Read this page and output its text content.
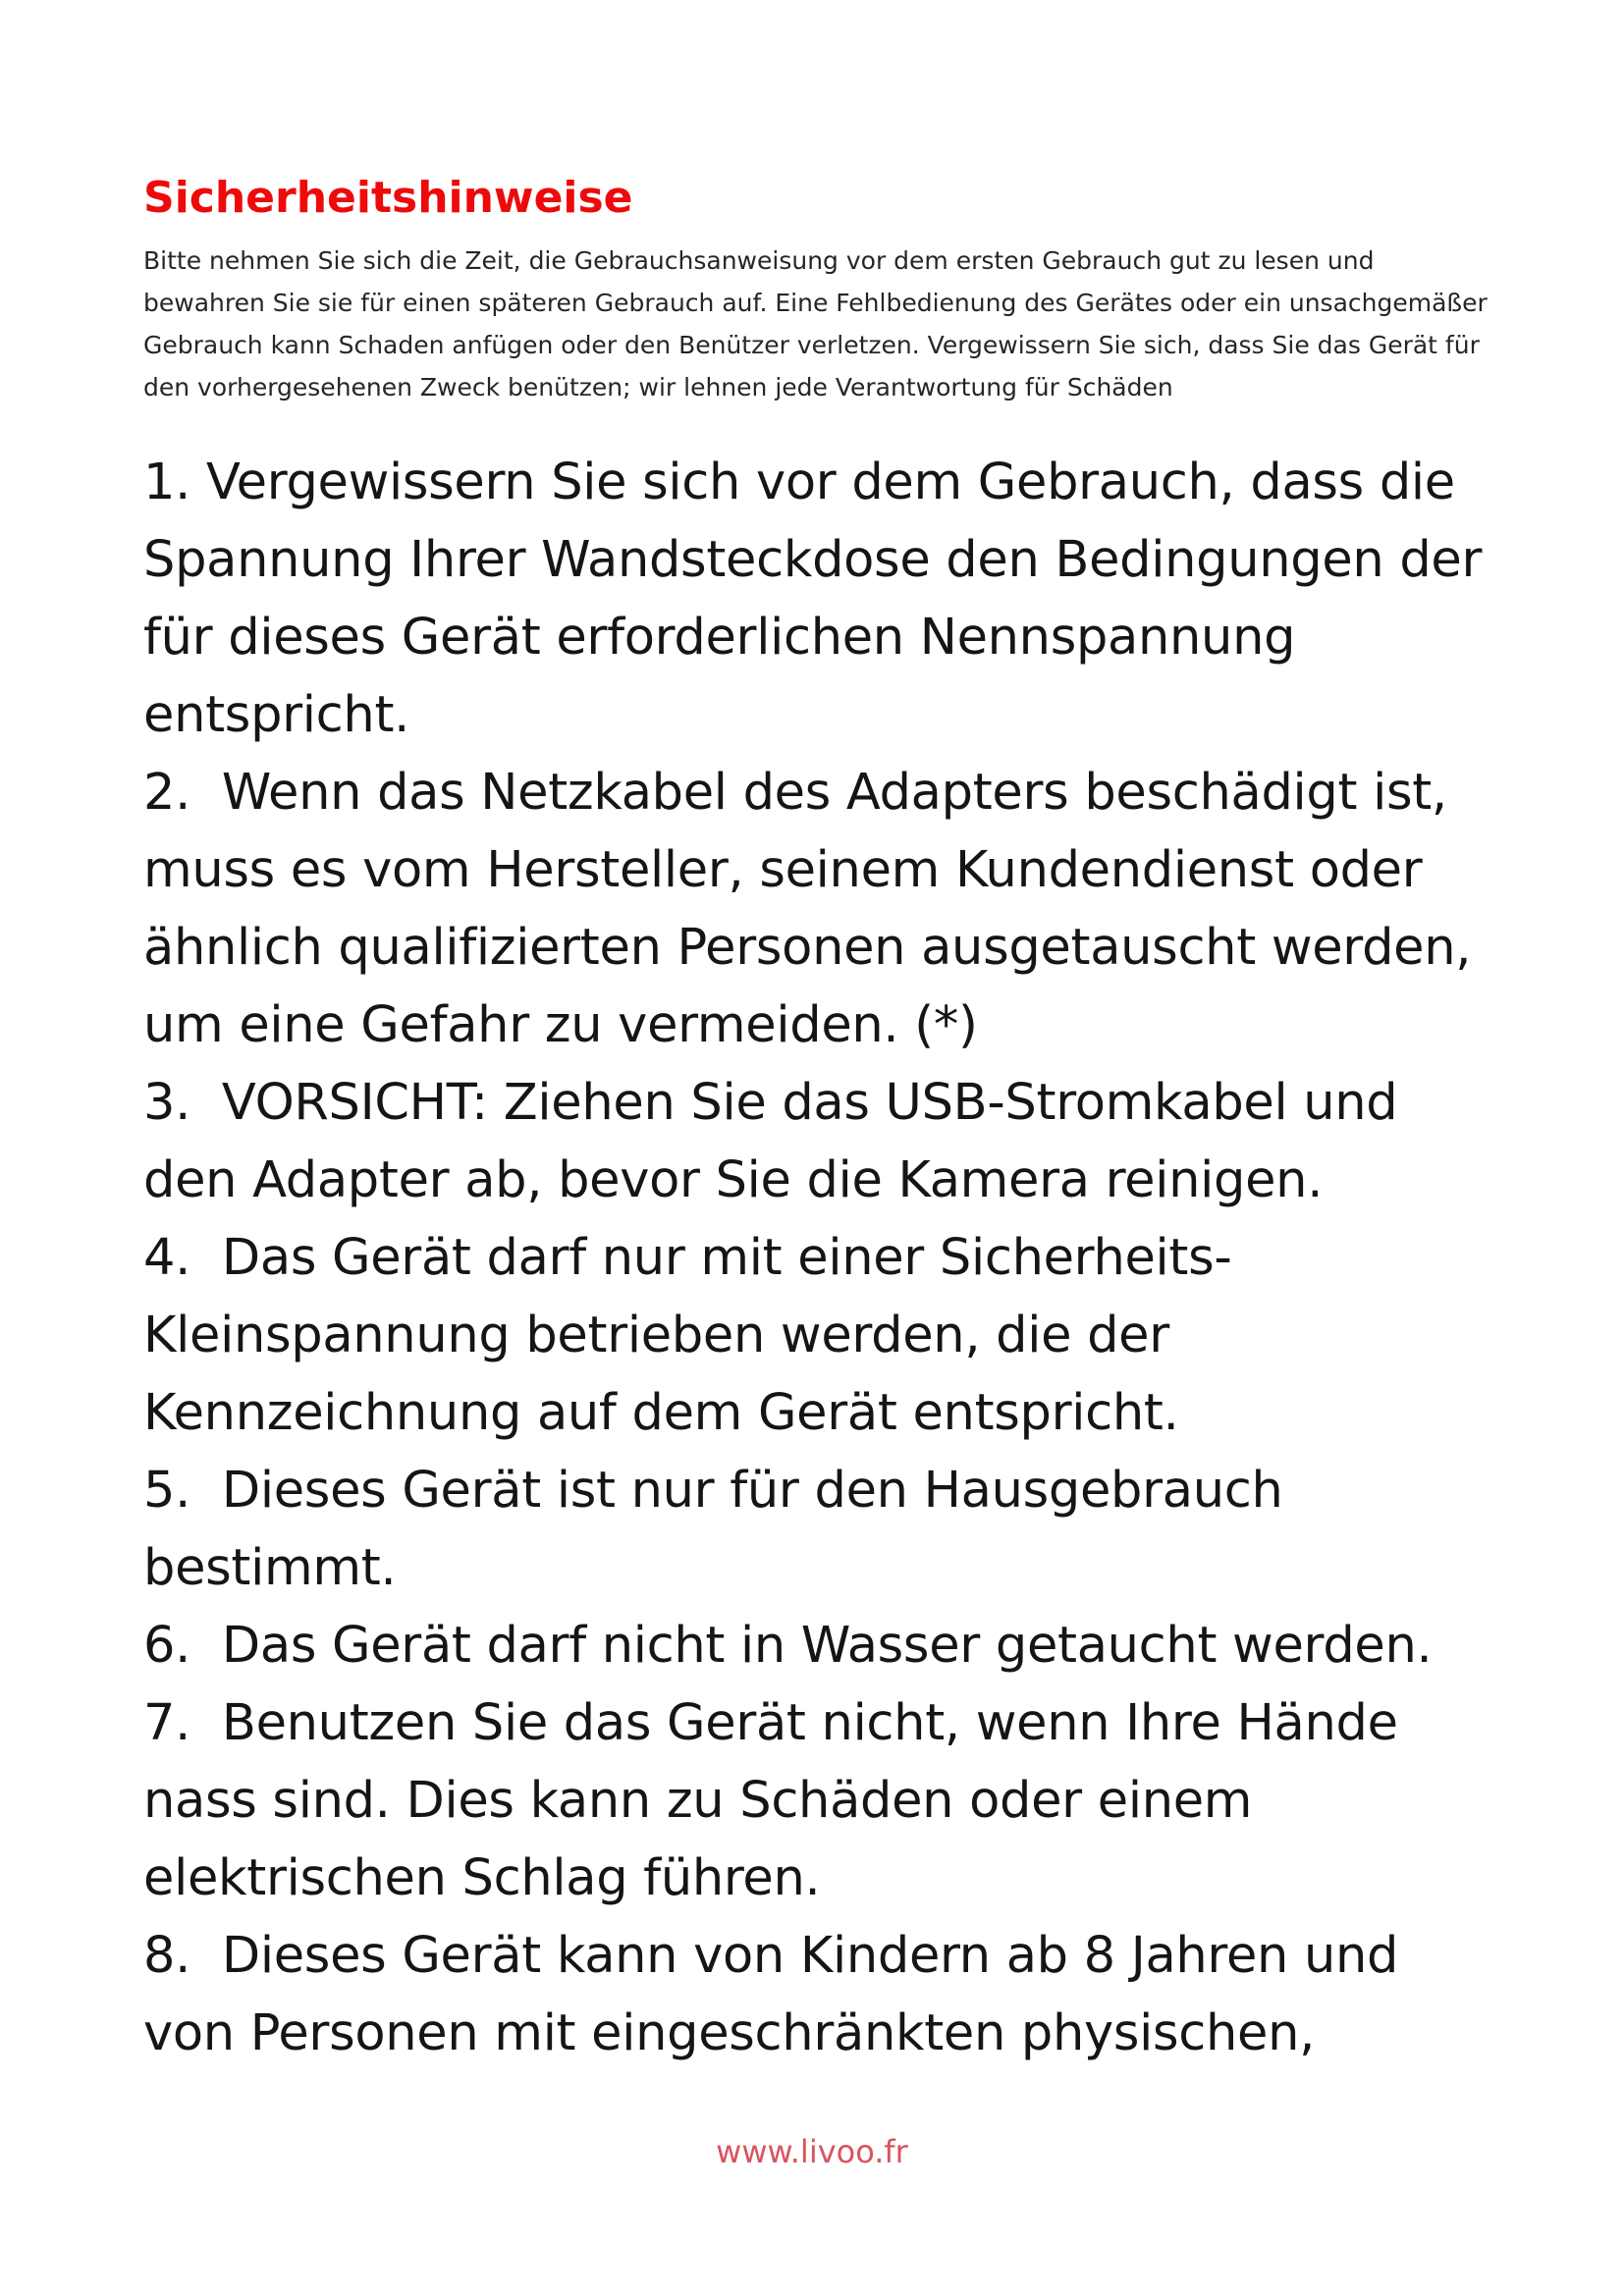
Sicherheitshinweise

Bitte nehmen Sie sich die Zeit, die Gebrauchsanweisung vor dem ersten Gebrauch gut zu lesen und bewahren Sie sie für einen späteren Gebrauch auf. Eine Fehlbedienung des Gerätes oder ein unsachgemäßer Gebrauch kann Schaden anfügen oder den Benützer verletzen. Vergewissern Sie sich, dass Sie das Gerät für den vorhergesehenen Zweck benützen; wir lehnen jede Verantwortung für Schäden

1. Vergewissern Sie sich vor dem Gebrauch, dass die Spannung Ihrer Wandsteckdose den Bedingungen der für dieses Gerät erforderlichen Nennspannung entspricht.
2.  Wenn das Netzkabel des Adapters beschädigt ist, muss es vom Hersteller, seinem Kundendienst oder ähnlich qualifizierten Personen ausgetauscht werden, um eine Gefahr zu vermeiden. (*)
3.  VORSICHT: Ziehen Sie das USB-Stromkabel und den Adapter ab, bevor Sie die Kamera reinigen.
4.  Das Gerät darf nur mit einer Sicherheits-Kleinspannung betrieben werden, die der Kennzeichnung auf dem Gerät entspricht.
5.  Dieses Gerät ist nur für den Hausgebrauch bestimmt.
6.  Das Gerät darf nicht in Wasser getaucht werden.
7.  Benutzen Sie das Gerät nicht, wenn Ihre Hände nass sind. Dies kann zu Schäden oder einem elektrischen Schlag führen.
8.  Dieses Gerät kann von Kindern ab 8 Jahren und von Personen mit eingeschränkten physischen,
www.livoo.fr
